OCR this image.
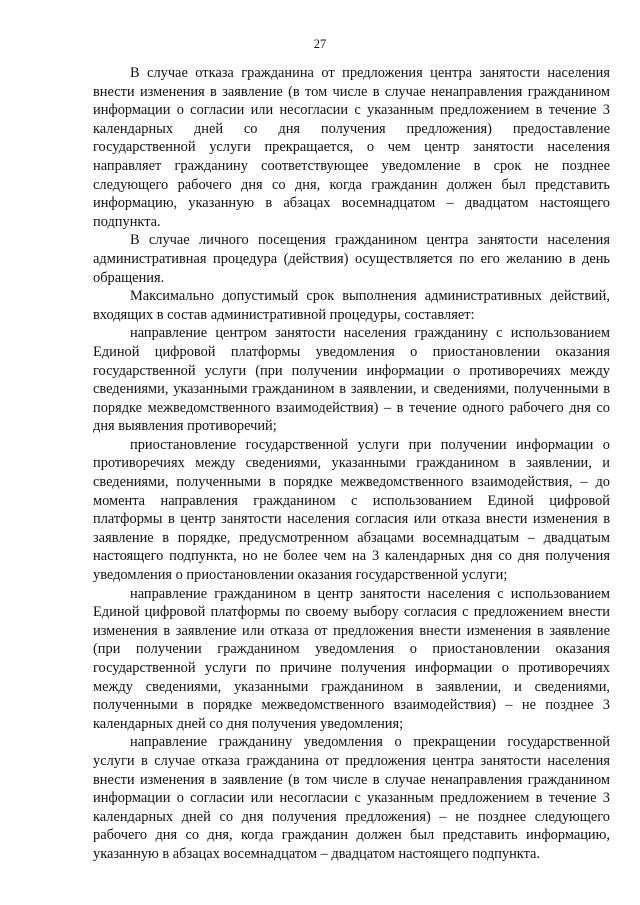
27

В случае отказа гражданина от предложения центра занятости населения внести изменения в заявление (в том числе в случае ненаправления гражданином информации о согласии или несогласии с указанным предложением в течение 3 календарных дней со дня получения предложения) предоставление государственной услуги прекращается, о чем центр занятости населения направляет гражданину соответствующее уведомление в срок не позднее следующего рабочего дня со дня, когда гражданин должен был представить информацию, указанную в абзацах восемнадцатом – двадцатом настоящего подпункта.

В случае личного посещения гражданином центра занятости населения административная процедура (действия) осуществляется по его желанию в день обращения.

Максимально допустимый срок выполнения административных действий, входящих в состав административной процедуры, составляет:

направление центром занятости населения гражданину с использованием Единой цифровой платформы уведомления о приостановлении оказания государственной услуги (при получении информации о противоречиях между сведениями, указанными гражданином в заявлении, и сведениями, полученными в порядке межведомственного взаимодействия) – в течение одного рабочего дня со дня выявления противоречий;

приостановление государственной услуги при получении информации о противоречиях между сведениями, указанными гражданином в заявлении, и сведениями, полученными в порядке межведомственного взаимодействия, – до момента направления гражданином с использованием Единой цифровой платформы в центр занятости населения согласия или отказа внести изменения в заявление в порядке, предусмотренном абзацами восемнадцатым – двадцатым настоящего подпункта, но не более чем на 3 календарных дня со дня получения уведомления о приостановлении оказания государственной услуги;

направление гражданином в центр занятости населения с использованием Единой цифровой платформы по своему выбору согласия с предложением внести изменения в заявление или отказа от предложения внести изменения в заявление (при получении гражданином уведомления о приостановлении оказания государственной услуги по причине получения информации о противоречиях между сведениями, указанными гражданином в заявлении, и сведениями, полученными в порядке межведомственного взаимодействия) – не позднее 3 календарных дней со дня получения уведомления;

направление гражданину уведомления о прекращении государственной услуги в случае отказа гражданина от предложения центра занятости населения внести изменения в заявление (в том числе в случае ненаправления гражданином информации о согласии или несогласии с указанным предложением в течение 3 календарных дней со дня получения предложения) – не позднее следующего рабочего дня со дня, когда гражданин должен был представить информацию, указанную в абзацах восемнадцатом – двадцатом настоящего подпункта.
